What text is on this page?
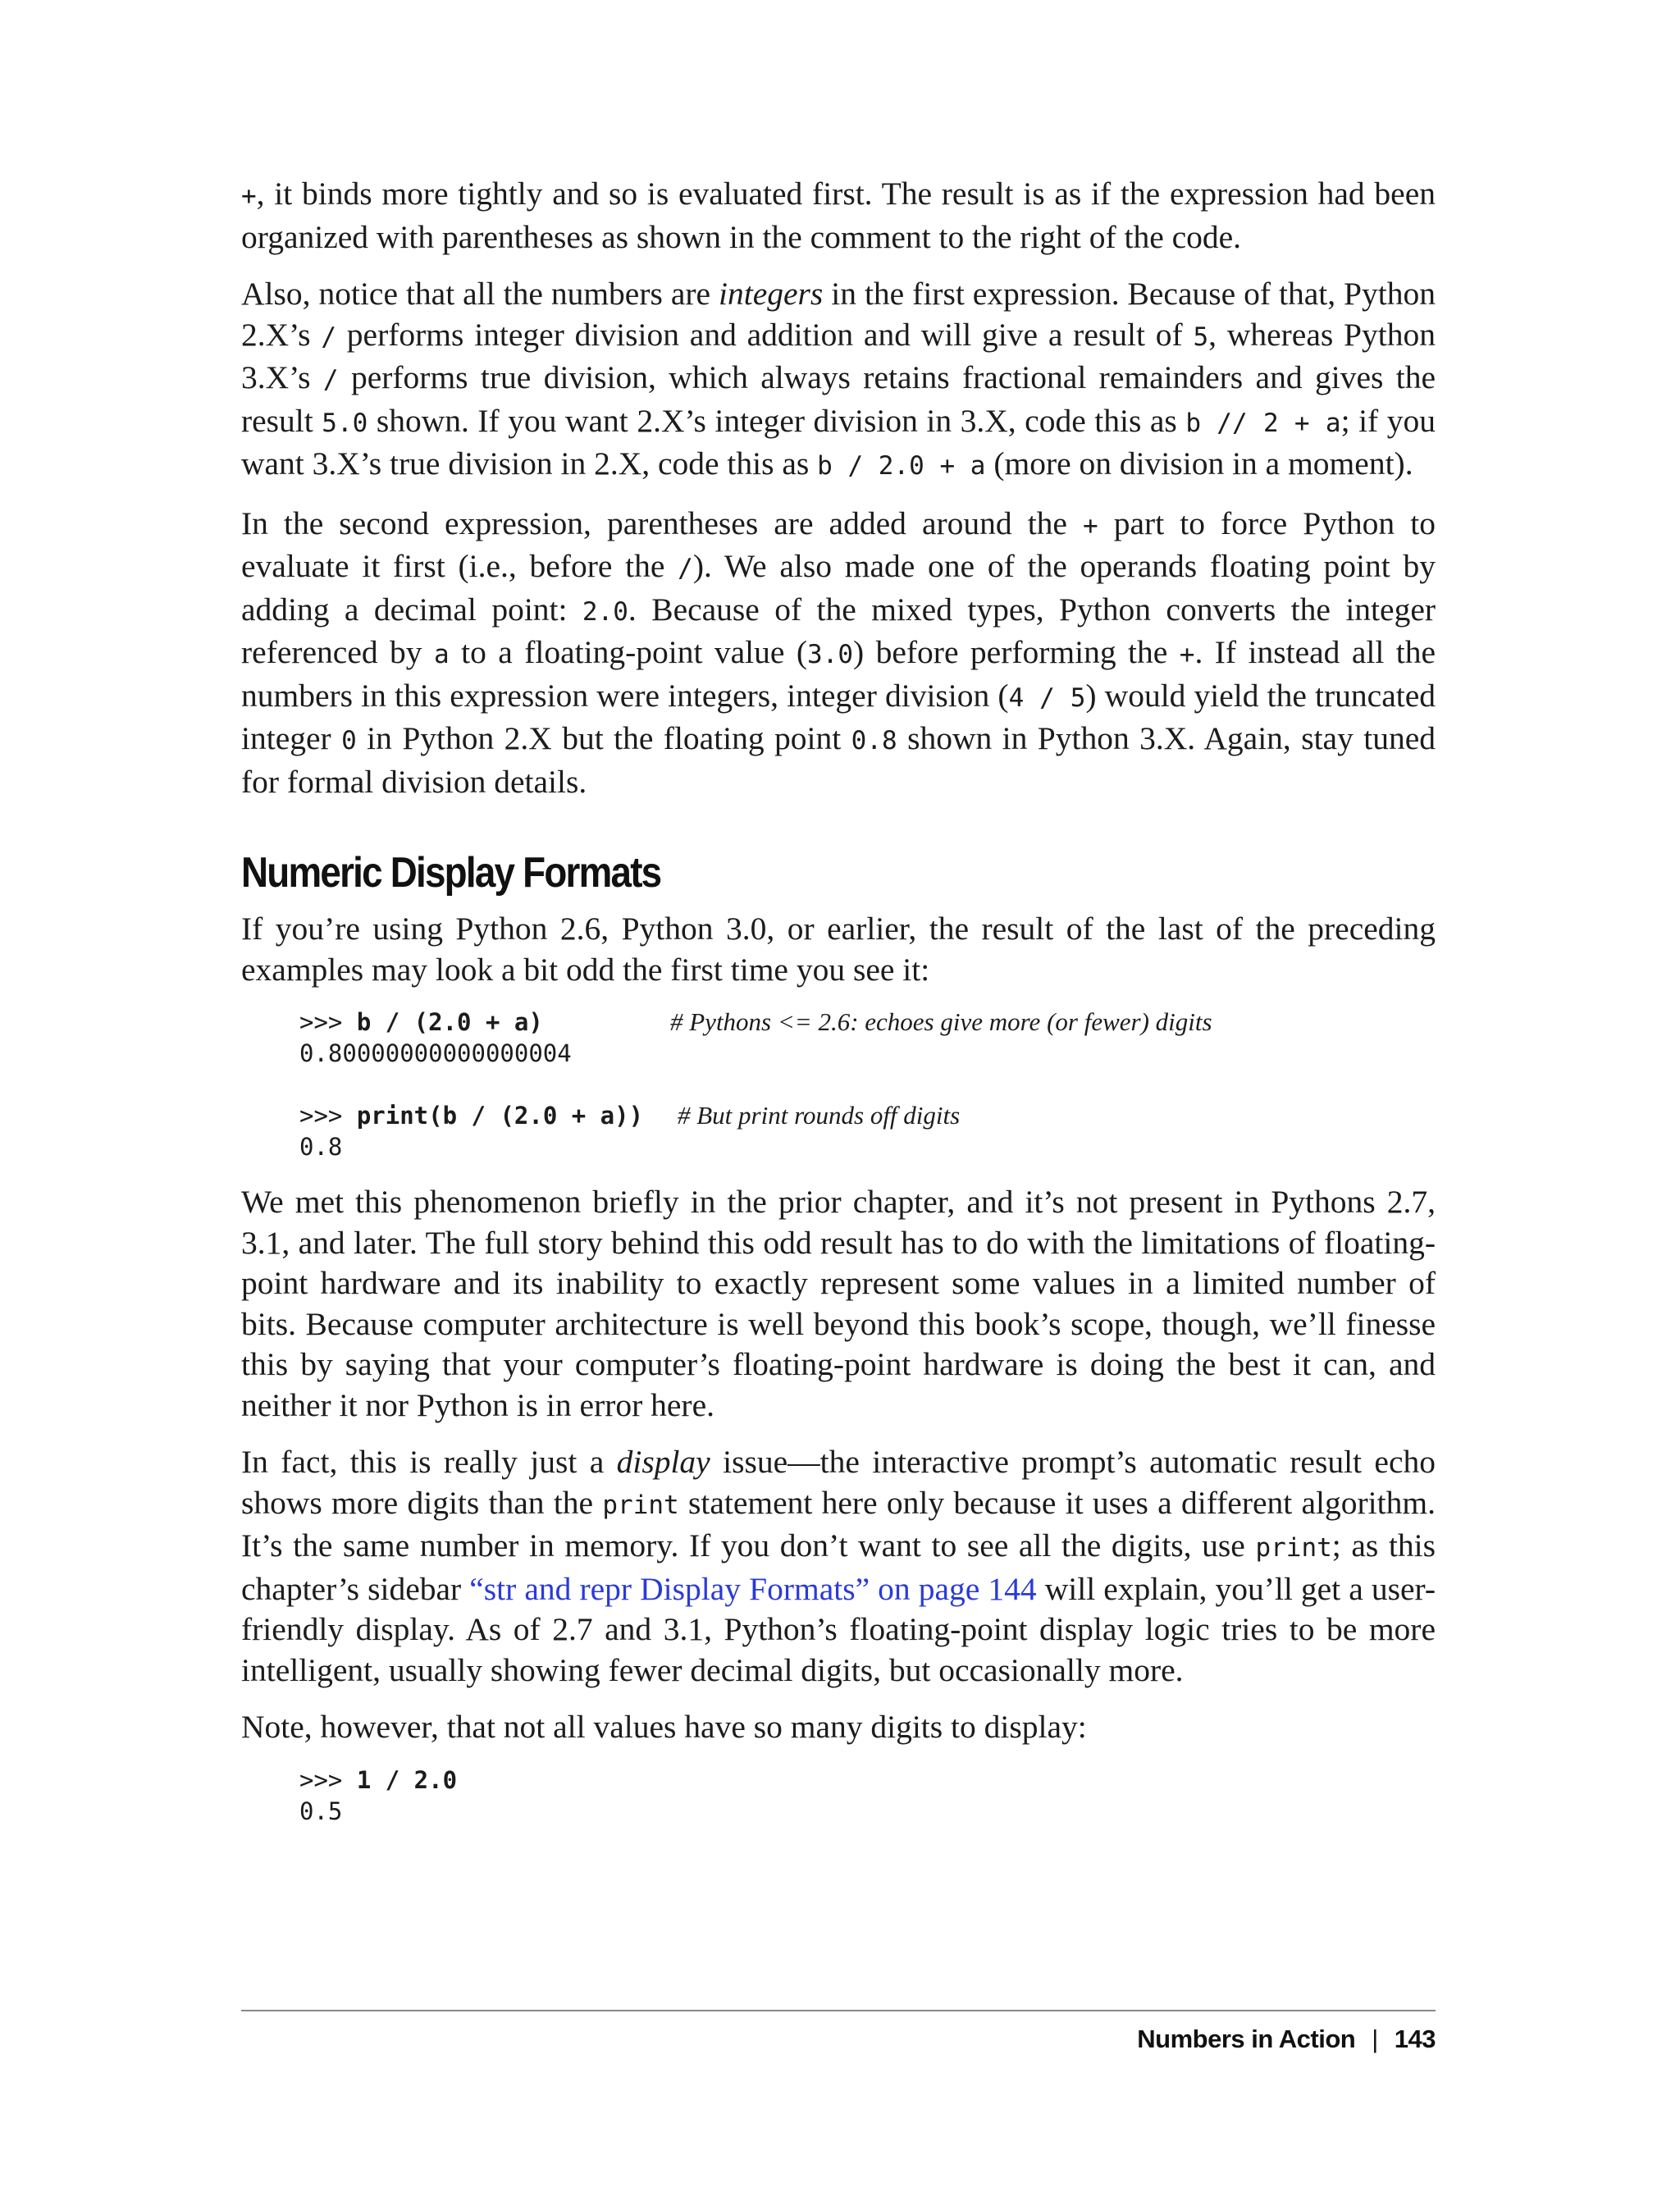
+, it binds more tightly and so is evaluated first. The result is as if the expression had been organized with parentheses as shown in the comment to the right of the code.

Also, notice that all the numbers are integers in the first expression. Because of that, Python 2.X’s / performs integer division and addition and will give a result of 5, whereas Python 3.X’s / performs true division, which always retains fractional remainders and gives the result 5.0 shown. If you want 2.X’s integer division in 3.X, code this as b // 2 + a; if you want 3.X’s true division in 2.X, code this as b / 2.0 + a (more on division in a moment).

In the second expression, parentheses are added around the + part to force Python to evaluate it first (i.e., before the /). We also made one of the operands floating point by adding a decimal point: 2.0. Because of the mixed types, Python converts the integer referenced by a to a floating-point value (3.0) before performing the +. If instead all the numbers in this expression were integers, integer division (4 / 5) would yield the truncated integer 0 in Python 2.X but the floating point 0.8 shown in Python 3.X. Again, stay tuned for formal division details.

Numeric Display Formats

If you’re using Python 2.6, Python 3.0, or earlier, the result of the last of the preceding examples may look a bit odd the first time you see it:

>>> b / (2.0 + a)	# Pythons <= 2.6: echoes give more (or fewer) digits
0.80000000000000004
>>> print(b / (2.0 + a))	# But print rounds off digits
0.8

We met this phenomenon briefly in the prior chapter, and it’s not present in Pythons 2.7, 3.1, and later. The full story behind this odd result has to do with the limitations of floating-point hardware and its inability to exactly represent some values in a limited number of bits. Because computer architecture is well beyond this book’s scope, though, we’ll finesse this by saying that your computer’s floating-point hardware is doing the best it can, and neither it nor Python is in error here.

In fact, this is really just a display issue—the interactive prompt’s automatic result echo shows more digits than the print statement here only because it uses a different algorithm. It’s the same number in memory. If you don’t want to see all the digits, use print; as this chapter’s sidebar “str and repr Display Formats” on page 144 will explain, you’ll get a user-friendly display. As of 2.7 and 3.1, Python’s floating-point display logic tries to be more intelligent, usually showing fewer decimal digits, but occasionally more.

Note, however, that not all values have so many digits to display:

>>> 1 / 2.0
0.5
Numbers in Action | 143
